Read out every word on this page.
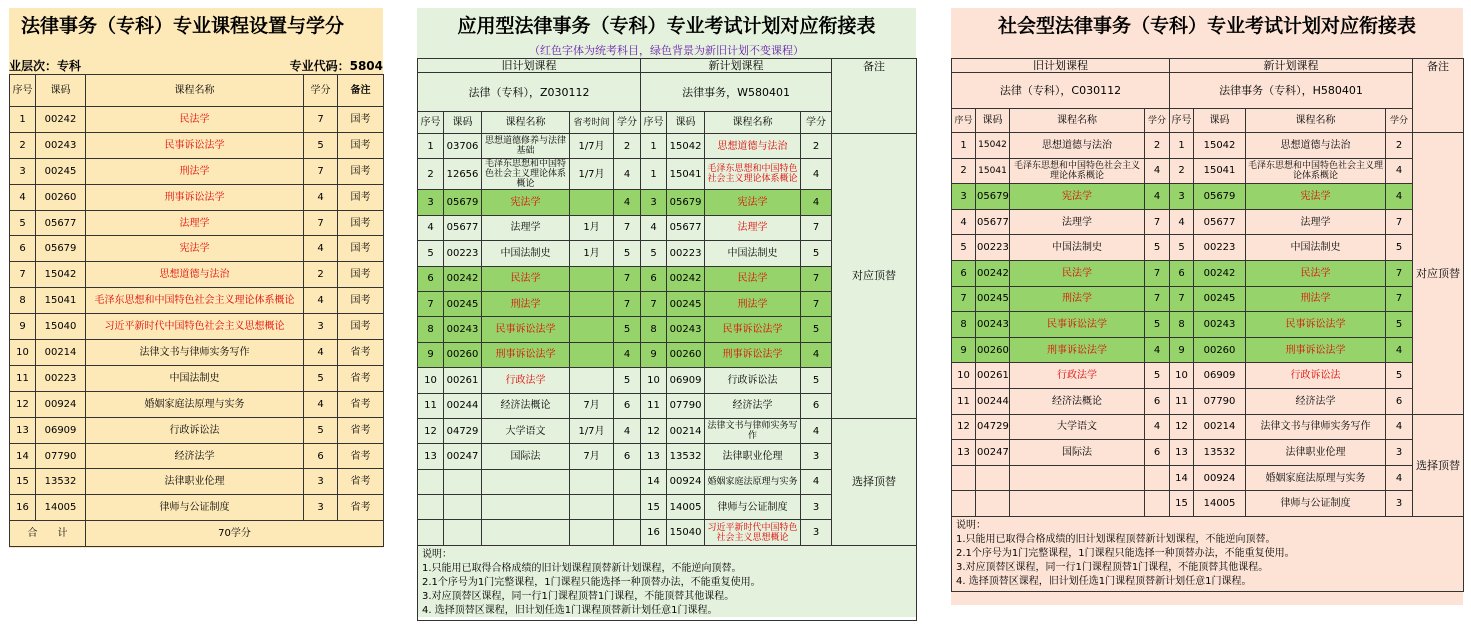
法律事务（专科）专业课程设置与学分
业层次：专科	专业代码：5804
序号	课码	课程名称	学分	备注
1	00242	民法学	7	国考
2	00243	民事诉讼法学	5	国考
3	00245	刑法学	7	国考
4	00260	刑事诉讼法学	4	国考
5	05677	法理学	7	国考
6	05679	宪法学	4	国考
7	15042	思想道德与法治	2	国考
8	15041	毛泽东思想和中国特色社会主义理论体系概论	4	国考
9	15040	习近平新时代中国特色社会主义思想概论	3	国考
10	00214	法律文书与律师实务写作	4	省考
11	00223	中国法制史	5	省考
12	00924	婚姻家庭法原理与实务	4	省考
13	06909	行政诉讼法	5	省考
14	07790	经济法学	6	省考
15	13532	法律职业伦理	3	省考
16	14005	律师与公证制度	3	省考
合　　计		70学分		
应用型法律事务（专科）专业考试计划对应衔接表
（红色字体为统考科目，绿色背景为新旧计划不变课程）
旧计划课程					新计划课程				备注
法律（专科），Z030112					法律事务，W580401				
序号	课码	课程名称	省考时间	学分	序号	课码	课程名称	学分	
1	03706	思想道德修养与法律基础	1/7月	2	1	15042	思想道德与法治	2	对应顶替
2	12656	毛泽东思想和中国特色社会主义理论体系概论	1/7月	4	1	15041	毛泽东思想和中国特色社会主义理论体系概论	4	
3	05679	宪法学		4	3	05679	宪法学	4	
4	05677	法理学	1月	7	4	05677	法理学	7	
5	00223	中国法制史	1月	5	5	00223	中国法制史	5	
6	00242	民法学		7	6	00242	民法学	7	
7	00245	刑法学		7	7	00245	刑法学	7	
8	00243	民事诉讼法学		5	8	00243	民事诉讼法学	5	
9	00260	刑事诉讼法学		4	9	00260	刑事诉讼法学	4	
10	00261	行政法学		5	10	06909	行政诉讼法	5	
11	00244	经济法概论	7月	6	11	07790	经济法学	6	
12	04729	大学语文	1/7月	4	12	00214	法律文书与律师实务写作	4	选择顶替
13	00247	国际法	7月	6	13	13532	法律职业伦理	3	
					14	00924	婚姻家庭法原理与实务	4	
					15	14005	律师与公证制度	3	
					16	15040	习近平新时代中国特色社会主义思想概论	3	

说明：
1.只能用已取得合格成绩的旧计划课程顶替新计划课程，不能逆向顶替。
2.1个序号为1门完整课程，1门课程只能选择一种顶替办法，不能重复使用。
3.对应顶替区课程，同一行1门课程顶替1门课程，不能顶替其他课程。
4. 选择顶替区课程，旧计划任选1门课程顶替新计划任意1门课程。									
社会型法律事务（专科）专业考试计划对应衔接表
旧计划课程				新计划课程				备注
法律（专科），C030112				法律事务（专科），H580401				
序号	课码	课程名称	学分	序号	课码	课程名称	学分	
1	15042	思想道德与法治	2	1	15042	思想道德与法治	2	对应顶替
2	15041	毛泽东思想和中国特色社会主义理论体系概论	4	2	15041	毛泽东思想和中国特色社会主义理论体系概论	4	
3	05679	宪法学	4	3	05679	宪法学	4	
4	05677	法理学	7	4	05677	法理学	7	
5	00223	中国法制史	5	5	00223	中国法制史	5	
6	00242	民法学	7	6	00242	民法学	7	
7	00245	刑法学	7	7	00245	刑法学	7	
8	00243	民事诉讼法学	5	8	00243	民事诉讼法学	5	
9	00260	刑事诉讼法学	4	9	00260	刑事诉讼法学	4	
10	00261	行政法学	5	10	06909	行政诉讼法	5	
11	00244	经济法概论	6	11	07790	经济法学	6	
12	04729	大学语文	4	12	00214	法律文书与律师实务写作	4	选择顶替
13	00247	国际法	6	13	13532	法律职业伦理	3	
				14	00924	婚姻家庭法原理与实务	4	
				15	14005	律师与公证制度	3	

说明：
1.只能用已取得合格成绩的旧计划课程顶替新计划课程，不能逆向顶替。
2.1个序号为1门完整课程，1门课程只能选择一种顶替办法，不能重复使用。
3.对应顶替区课程，同一行1门课程顶替1门课程，不能顶替其他课程。
4. 选择顶替区课程，旧计划任选1门课程顶替新计划任意1门课程。								
